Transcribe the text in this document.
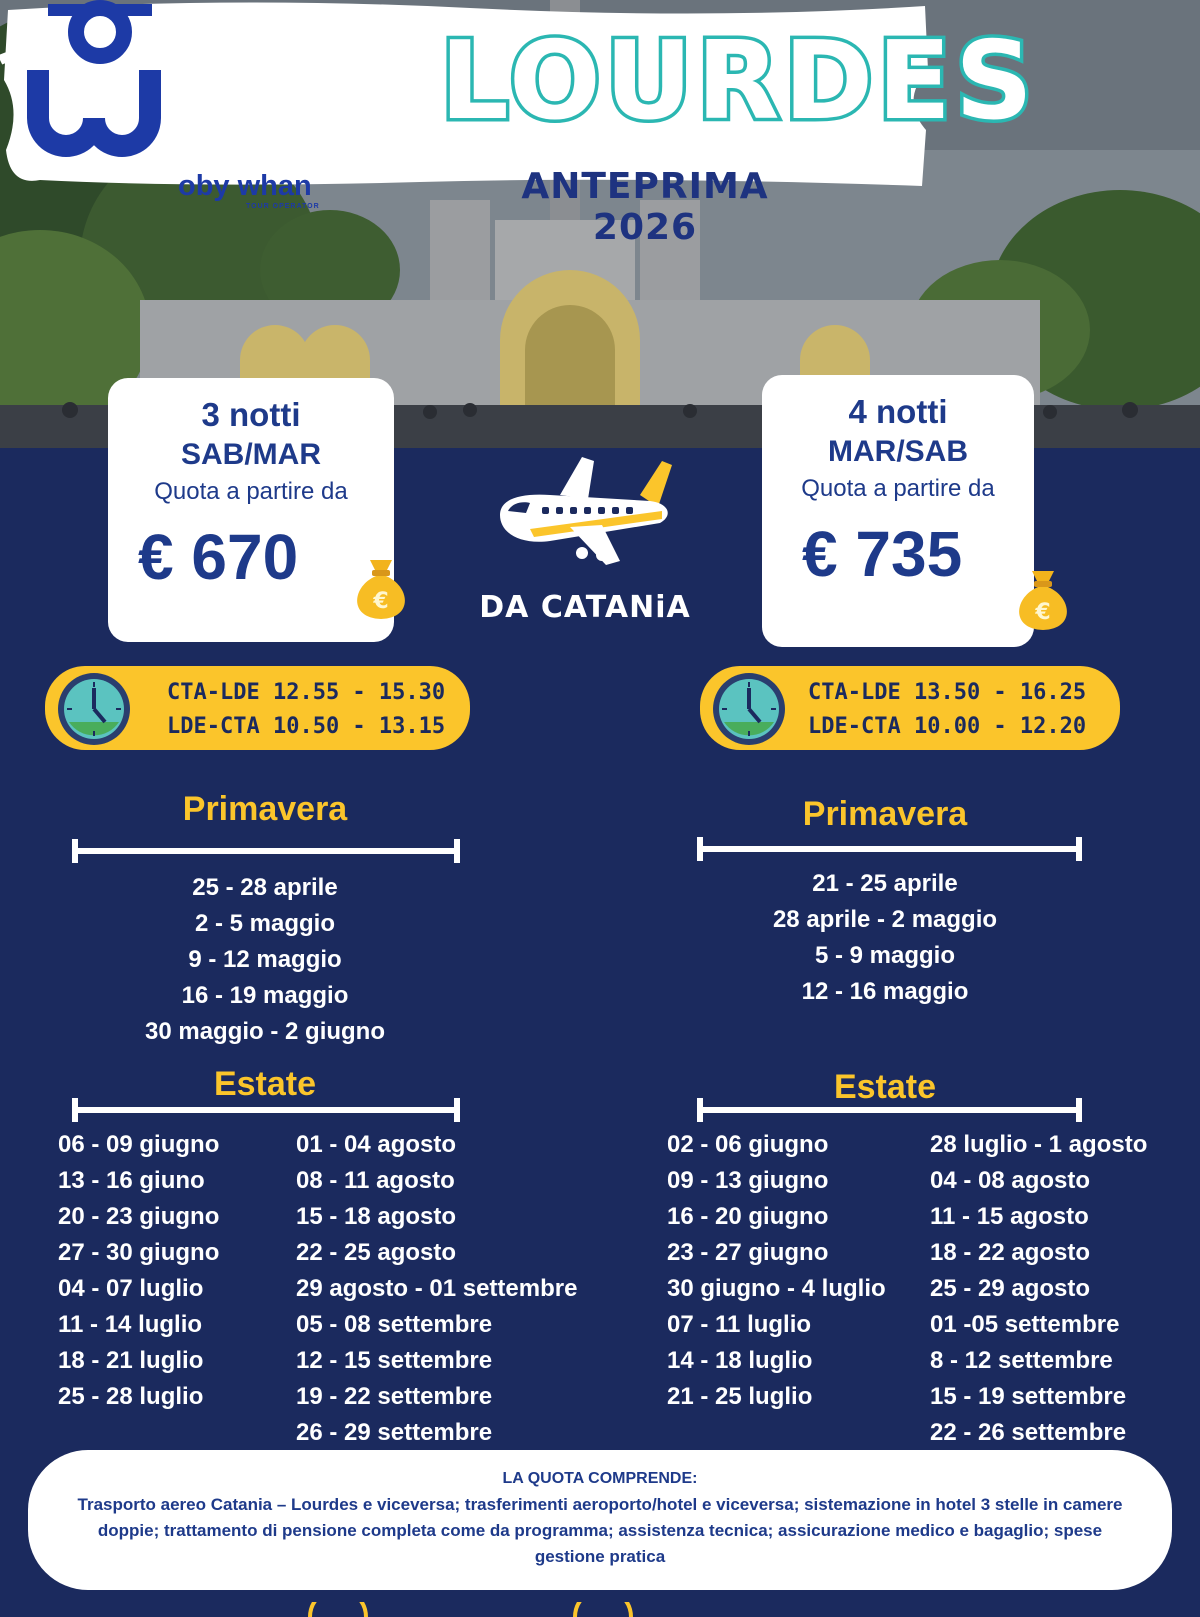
oby whan
TOUR OPERATOR
LOURDES
ANTEPRIMA 2026
3 notti
SAB/MAR
Quota a partire da
€ 670
€
4 notti
MAR/SAB
Quota a partire da
€ 735
€
DA CATANiA
CTA-LDE 12.55 - 15.30
LDE-CTA 10.50 - 13.15
CTA-LDE 13.50 - 16.25
LDE-CTA 10.00 - 12.20
Primavera
25 - 28 aprile
2 - 5 maggio
9 - 12 maggio
16 - 19 maggio
30 maggio - 2 giugno
Estate
06 - 09 giugno
13 - 16 giuno
20 - 23 giugno
27 - 30 giugno
04 - 07 luglio
11 - 14 luglio
18 - 21 luglio
25 - 28 luglio
01 - 04 agosto
08 - 11 agosto
15 - 18 agosto
22 - 25 agosto
29 agosto - 01 settembre
05 - 08 settembre
12 - 15 settembre
19 - 22 settembre
26 - 29 settembre
Primavera
21 - 25 aprile
28 aprile - 2 maggio
5 - 9 maggio
12 - 16 maggio
Estate
02 - 06 giugno
09 - 13 giugno
16 - 20 giugno
23 - 27 giugno
30 giugno - 4 luglio
07 - 11 luglio
14 - 18 luglio
21 - 25 luglio
28 luglio - 1 agosto
04 - 08 agosto
11 - 15 agosto
18 - 22 agosto
25 - 29 agosto
01 -05 settembre
8 - 12 settembre
15 - 19 settembre
22 - 26 settembre
LA QUOTA COMPRENDE:
Trasporto aereo Catania – Lourdes e viceversa; trasferimenti aeroporto/hotel e viceversa; sistemazione in hotel 3 stelle in camere doppie; trattamento di pensione completa come da programma; assistenza tecnica; assicurazione medico e bagaglio; spese gestione pratica
